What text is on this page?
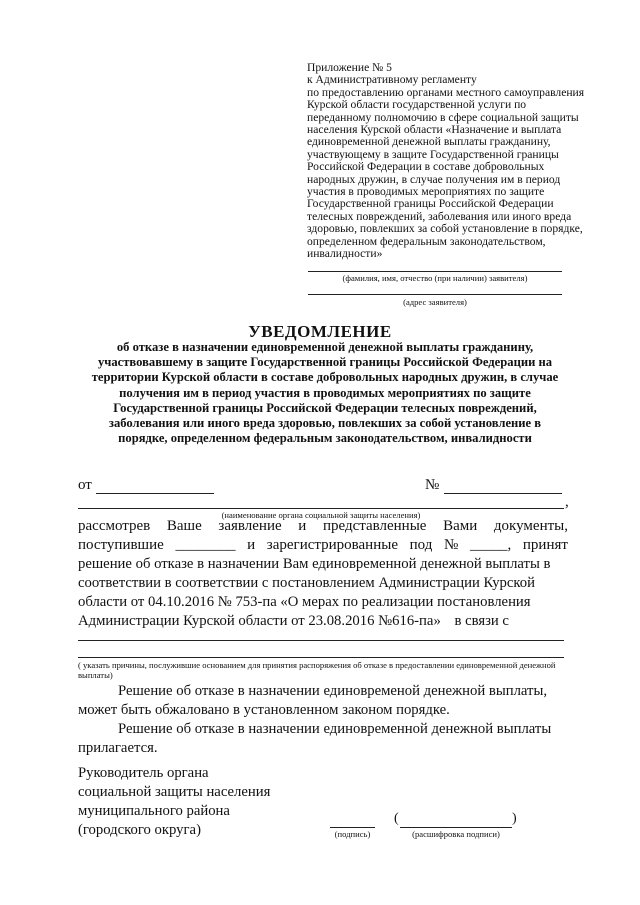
Приложение № 5
к Административному регламенту
по предоставлению органами местного самоуправления
Курской области государственной услуги по
переданному полномочию в сфере социальной защиты
населения Курской области «Назначение и выплата
единовременной денежной выплаты гражданину,
участвующему в защите Государственной границы
Российской Федерации в составе добровольных
народных дружин, в случае получения им в период
участия в проводимых мероприятиях по защите
Государственной границы Российской Федерации
телесных повреждений, заболевания или иного вреда
здоровью, повлекших за собой установление в порядке,
определенном федеральным законодательством,
инвалидности»
(фамилия, имя, отчество (при наличии) заявителя)
(адрес заявителя)
УВЕДОМЛЕНИЕ
об отказе в назначении единовременной денежной выплаты гражданину,
участвовавшему в защите Государственной границы Российской Федерации на
территории Курской области в составе добровольных народных дружин, в случае
получения им в период участия в проводимых мероприятиях по защите
Государственной границы Российской Федерации телесных повреждений,
заболевания или иного вреда здоровью, повлекших за собой установление в
порядке, определенном федеральным законодательством, инвалидности
от	№
,
(наименование органа социальной защиты населения)
рассмотрев Ваше заявление и представленные Вами документы,
поступившие ________ и зарегистрированные под № _____, принят
решение об отказе в назначении Вам единовременной денежной выплаты в
соответствии в соответствии с постановлением Администрации Курской
области от 04.10.2016 № 753-па «О мерах по реализации постановления
Администрации Курской области от 23.08.2016 №616-па» в связи с
( указать причины, послужившие основанием для принятия распоряжения об отказе в предоставлении единовременной денежной выплаты)
Решение об отказе в назначении единовременой денежной выплаты,
может быть обжаловано в установленном законом порядке.
Решение об отказе в назначении единовременной денежной выплаты
прилагается.
Руководитель органа
социальной защиты населения
муниципального района
(городского округа)	(подпись)
(	)
(расшифровка подписи)
